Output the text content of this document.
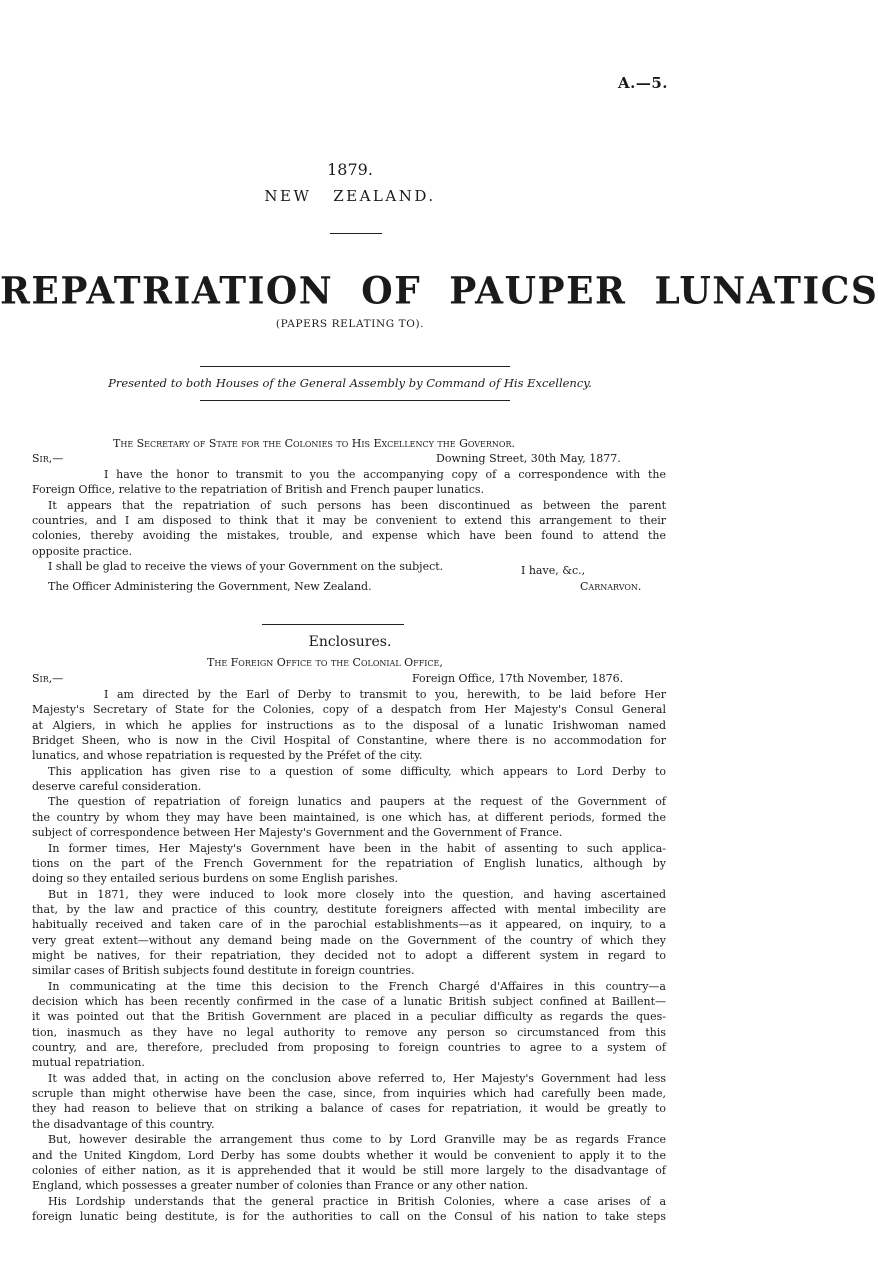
A.—5.
1879.
NEW   ZEALAND.
REPATRIATION  OF  PAUPER  LUNATICS
(PAPERS RELATING TO).
Presented to both Houses of the General Assembly by Command of His Excellency.
The Secretary of State for the Colonies to His Excellency the Governor.
Sir,—	Downing Street, 30th May, 1877.
I have the honor to transmit to you the accompanying copy of a correspondence with the
Foreign Office, relative to the repatriation of British and French pauper lunatics.
It appears that the repatriation of such persons has been discontinued as between the parent
countries, and I am disposed to think that it may be convenient to extend this arrangement to their
colonies, thereby avoiding the mistakes, trouble, and expense which have been found to attend the
opposite practice.
I shall be glad to receive the views of your Government on the subject.	I have, &c.,
The Officer Administering the Government, New Zealand.	Carnarvon.
Enclosures.
The Foreign Office to the Colonial Office,
Sir,—	Foreign Office, 17th November, 1876.
I am directed by the Earl of Derby to transmit to you, herewith, to be laid before Her
Majesty's Secretary of State for the Colonies, copy of a despatch from Her Majesty's Consul General
at Algiers, in which he applies for instructions as to the disposal of a lunatic Irishwoman named
Bridget Sheen, who is now in the Civil Hospital of Constantine, where there is no accommodation for
lunatics, and whose repatriation is requested by the Préfet of the city.
This application has given rise to a question of some difficulty, which appears to Lord Derby to
deserve careful consideration.
The question of repatriation of foreign lunatics and paupers at the request of the Government of
the country by whom they may have been maintained, is one which has, at different periods, formed the
subject of correspondence between Her Majesty's Government and the Government of France.
In former times, Her Majesty's Government have been in the habit of assenting to such applica-
tions on the part of the French Government for the repatriation of English lunatics, although by
doing so they entailed serious burdens on some English parishes.
But in 1871, they were induced to look more closely into the question, and having ascertained
that, by the law and practice of this country, destitute foreigners affected with mental imbecility are
habitually received and taken care of in the parochial establishments—as it appeared, on inquiry, to a
very great extent—without any demand being made on the Government of the country of which they
might be natives, for their repatriation, they decided not to adopt a different system in regard to
similar cases of British subjects found destitute in foreign countries.
In communicating at the time this decision to the French Chargé d'Affaires in this country—a
decision which has been recently confirmed in the case of a lunatic British subject confined at Baillent—
it was pointed out that the British Government are placed in a peculiar difficulty as regards the ques-
tion, inasmuch as they have no legal authority to remove any person so circumstanced from this
country, and are, therefore, precluded from proposing to foreign countries to agree to a system of
mutual repatriation.
It was added that, in acting on the conclusion above referred to, Her Majesty's Government had less
scruple than might otherwise have been the case, since, from inquiries which had carefully been made,
they had reason to believe that on striking a balance of cases for repatriation, it would be greatly to
the disadvantage of this country.
But, however desirable the arrangement thus come to by Lord Granville may be as regards France
and the United Kingdom, Lord Derby has some doubts whether it would be convenient to apply it to the
colonies of either nation, as it is apprehended that it would be still more largely to the disadvantage of
England, which possesses a greater number of colonies than France or any other nation.
His Lordship understands that the general practice in British Colonies, where a case arises of a
foreign lunatic being destitute, is for the authorities to call on the Consul of his nation to take steps
